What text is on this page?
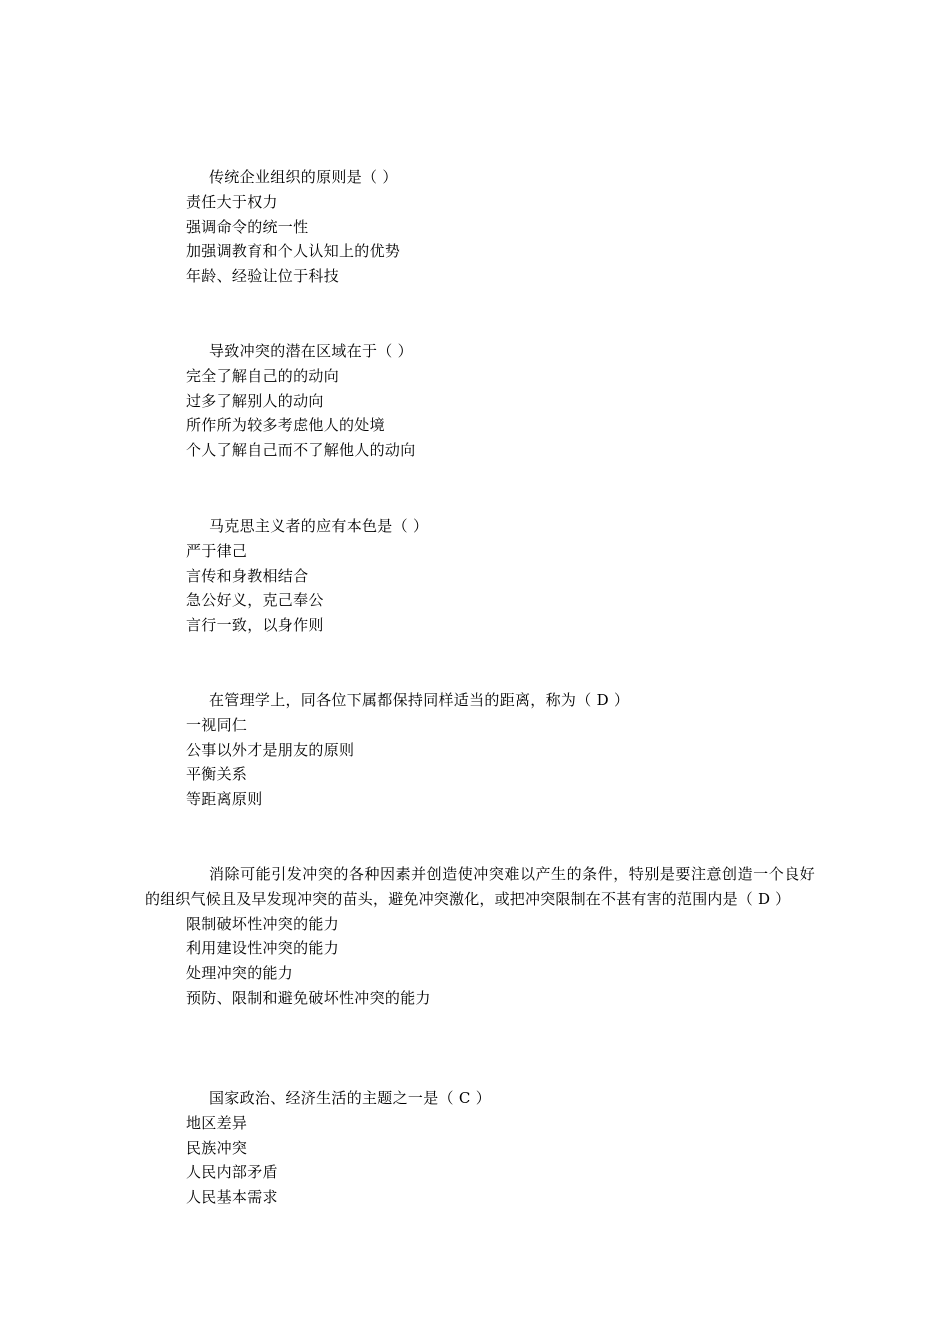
传统企业组织的原则是（ ）

责任大于权力
强调命令的统一性
加强调教育和个人认知上的优势
年龄、经验让位于科技

导致冲突的潜在区域在于（ ）

完全了解自己的的动向
过多了解别人的动向
所作所为较多考虑他人的处境
个人了解自己而不了解他人的动向

马克思主义者的应有本色是（ ）

严于律己
言传和身教相结合
急公好义，克己奉公
言行一致，以身作则

在管理学上，同各位下属都保持同样适当的距离，称为（ D ）

一视同仁
公事以外才是朋友的原则
平衡关系
等距离原则

消除可能引发冲突的各种因素并创造使冲突难以产生的条件，特别是要注意创造一个良好的组织气候且及早发现冲突的苗头，避免冲突激化，或把冲突限制在不甚有害的范围内是（ D ）

限制破坏性冲突的能力
利用建设性冲突的能力
处理冲突的能力
预防、限制和避免破坏性冲突的能力

国家政治、经济生活的主题之一是（ C ）

地区差异
民族冲突
人民内部矛盾
人民基本需求
